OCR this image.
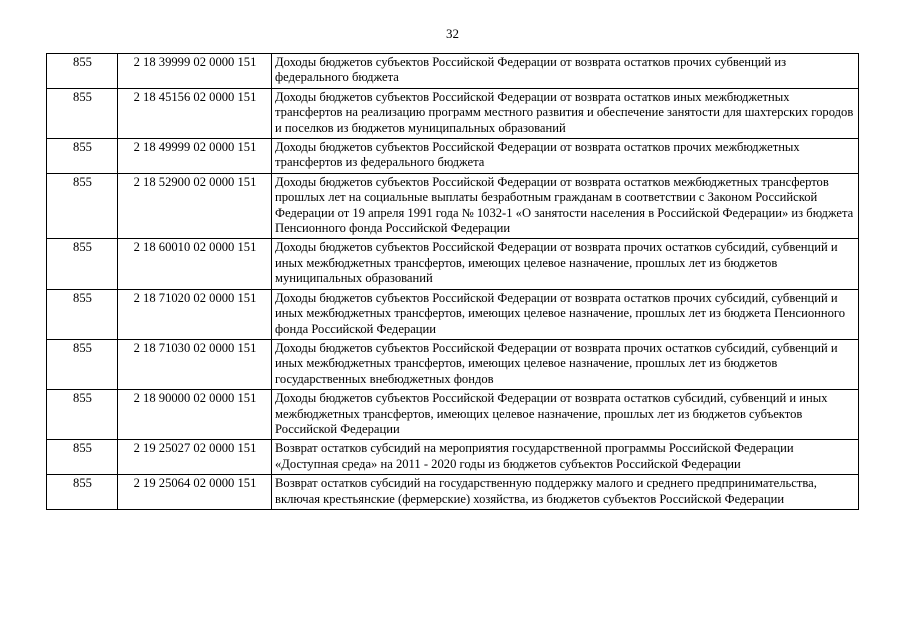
32
855	2 18 39999 02 0000 151	Доходы бюджетов субъектов Российской Федерации от возврата остатков прочих субвенций из федерального бюджета
855	2 18 45156 02 0000 151	Доходы бюджетов субъектов Российской Федерации от возврата остатков иных межбюджетных трансфертов на реализацию программ местного развития и обеспечение занятости для шахтерских городов и поселков из бюджетов муниципальных образований
855	2 18 49999 02 0000 151	Доходы бюджетов субъектов Российской Федерации от возврата остатков прочих межбюджетных трансфертов из федерального бюджета
855	2 18 52900 02 0000 151	Доходы бюджетов субъектов Российской Федерации от возврата остатков межбюджетных трансфертов прошлых лет на социальные выплаты безработным гражданам в соответствии с Законом Российской Федерации от 19 апреля 1991 года № 1032-1 «О занятости населения в Российской Федерации» из бюджета Пенсионного фонда Российской Федерации
855	2 18 60010 02 0000 151	Доходы бюджетов субъектов Российской Федерации от возврата прочих остатков субсидий, субвенций и иных межбюджетных трансфертов, имеющих целевое назначение, прошлых лет из бюджетов муниципальных образований
855	2 18 71020 02 0000 151	Доходы бюджетов субъектов Российской Федерации от возврата остатков прочих субсидий, субвенций и иных межбюджетных трансфертов, имеющих целевое назначение, прошлых лет из бюджета Пенсионного фонда Российской Федерации
855	2 18 71030 02 0000 151	Доходы бюджетов субъектов Российской Федерации от возврата прочих остатков субсидий, субвенций и иных межбюджетных трансфертов, имеющих целевое назначение, прошлых лет из бюджетов государственных внебюджетных фондов
855	2 18 90000 02 0000 151	Доходы бюджетов субъектов Российской Федерации от возврата остатков субсидий, субвенций и иных межбюджетных трансфертов, имеющих целевое назначение, прошлых лет из бюджетов субъектов Российской Федерации
855	2 19 25027 02 0000 151	Возврат остатков субсидий на мероприятия государственной программы Российской Федерации «Доступная среда» на 2011 - 2020 годы из бюджетов субъектов Российской Федерации
855	2 19 25064 02 0000 151	Возврат остатков субсидий на государственную поддержку малого и среднего предпринимательства, включая крестьянские (фермерские) хозяйства, из бюджетов субъектов Российской Федерации
